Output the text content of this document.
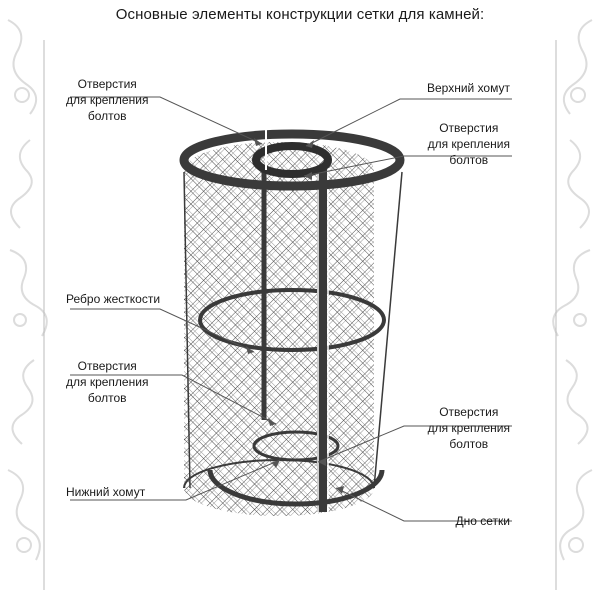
Основные элементы конструкции сетки для камней:
Отверстия
для крепления
болтов
Верхний хомут
Отверстия
для крепления
болтов
Ребро жесткости
Отверстия
для крепления
болтов
Отверстия
для крепления
болтов
Нижний хомут
Дно сетки
